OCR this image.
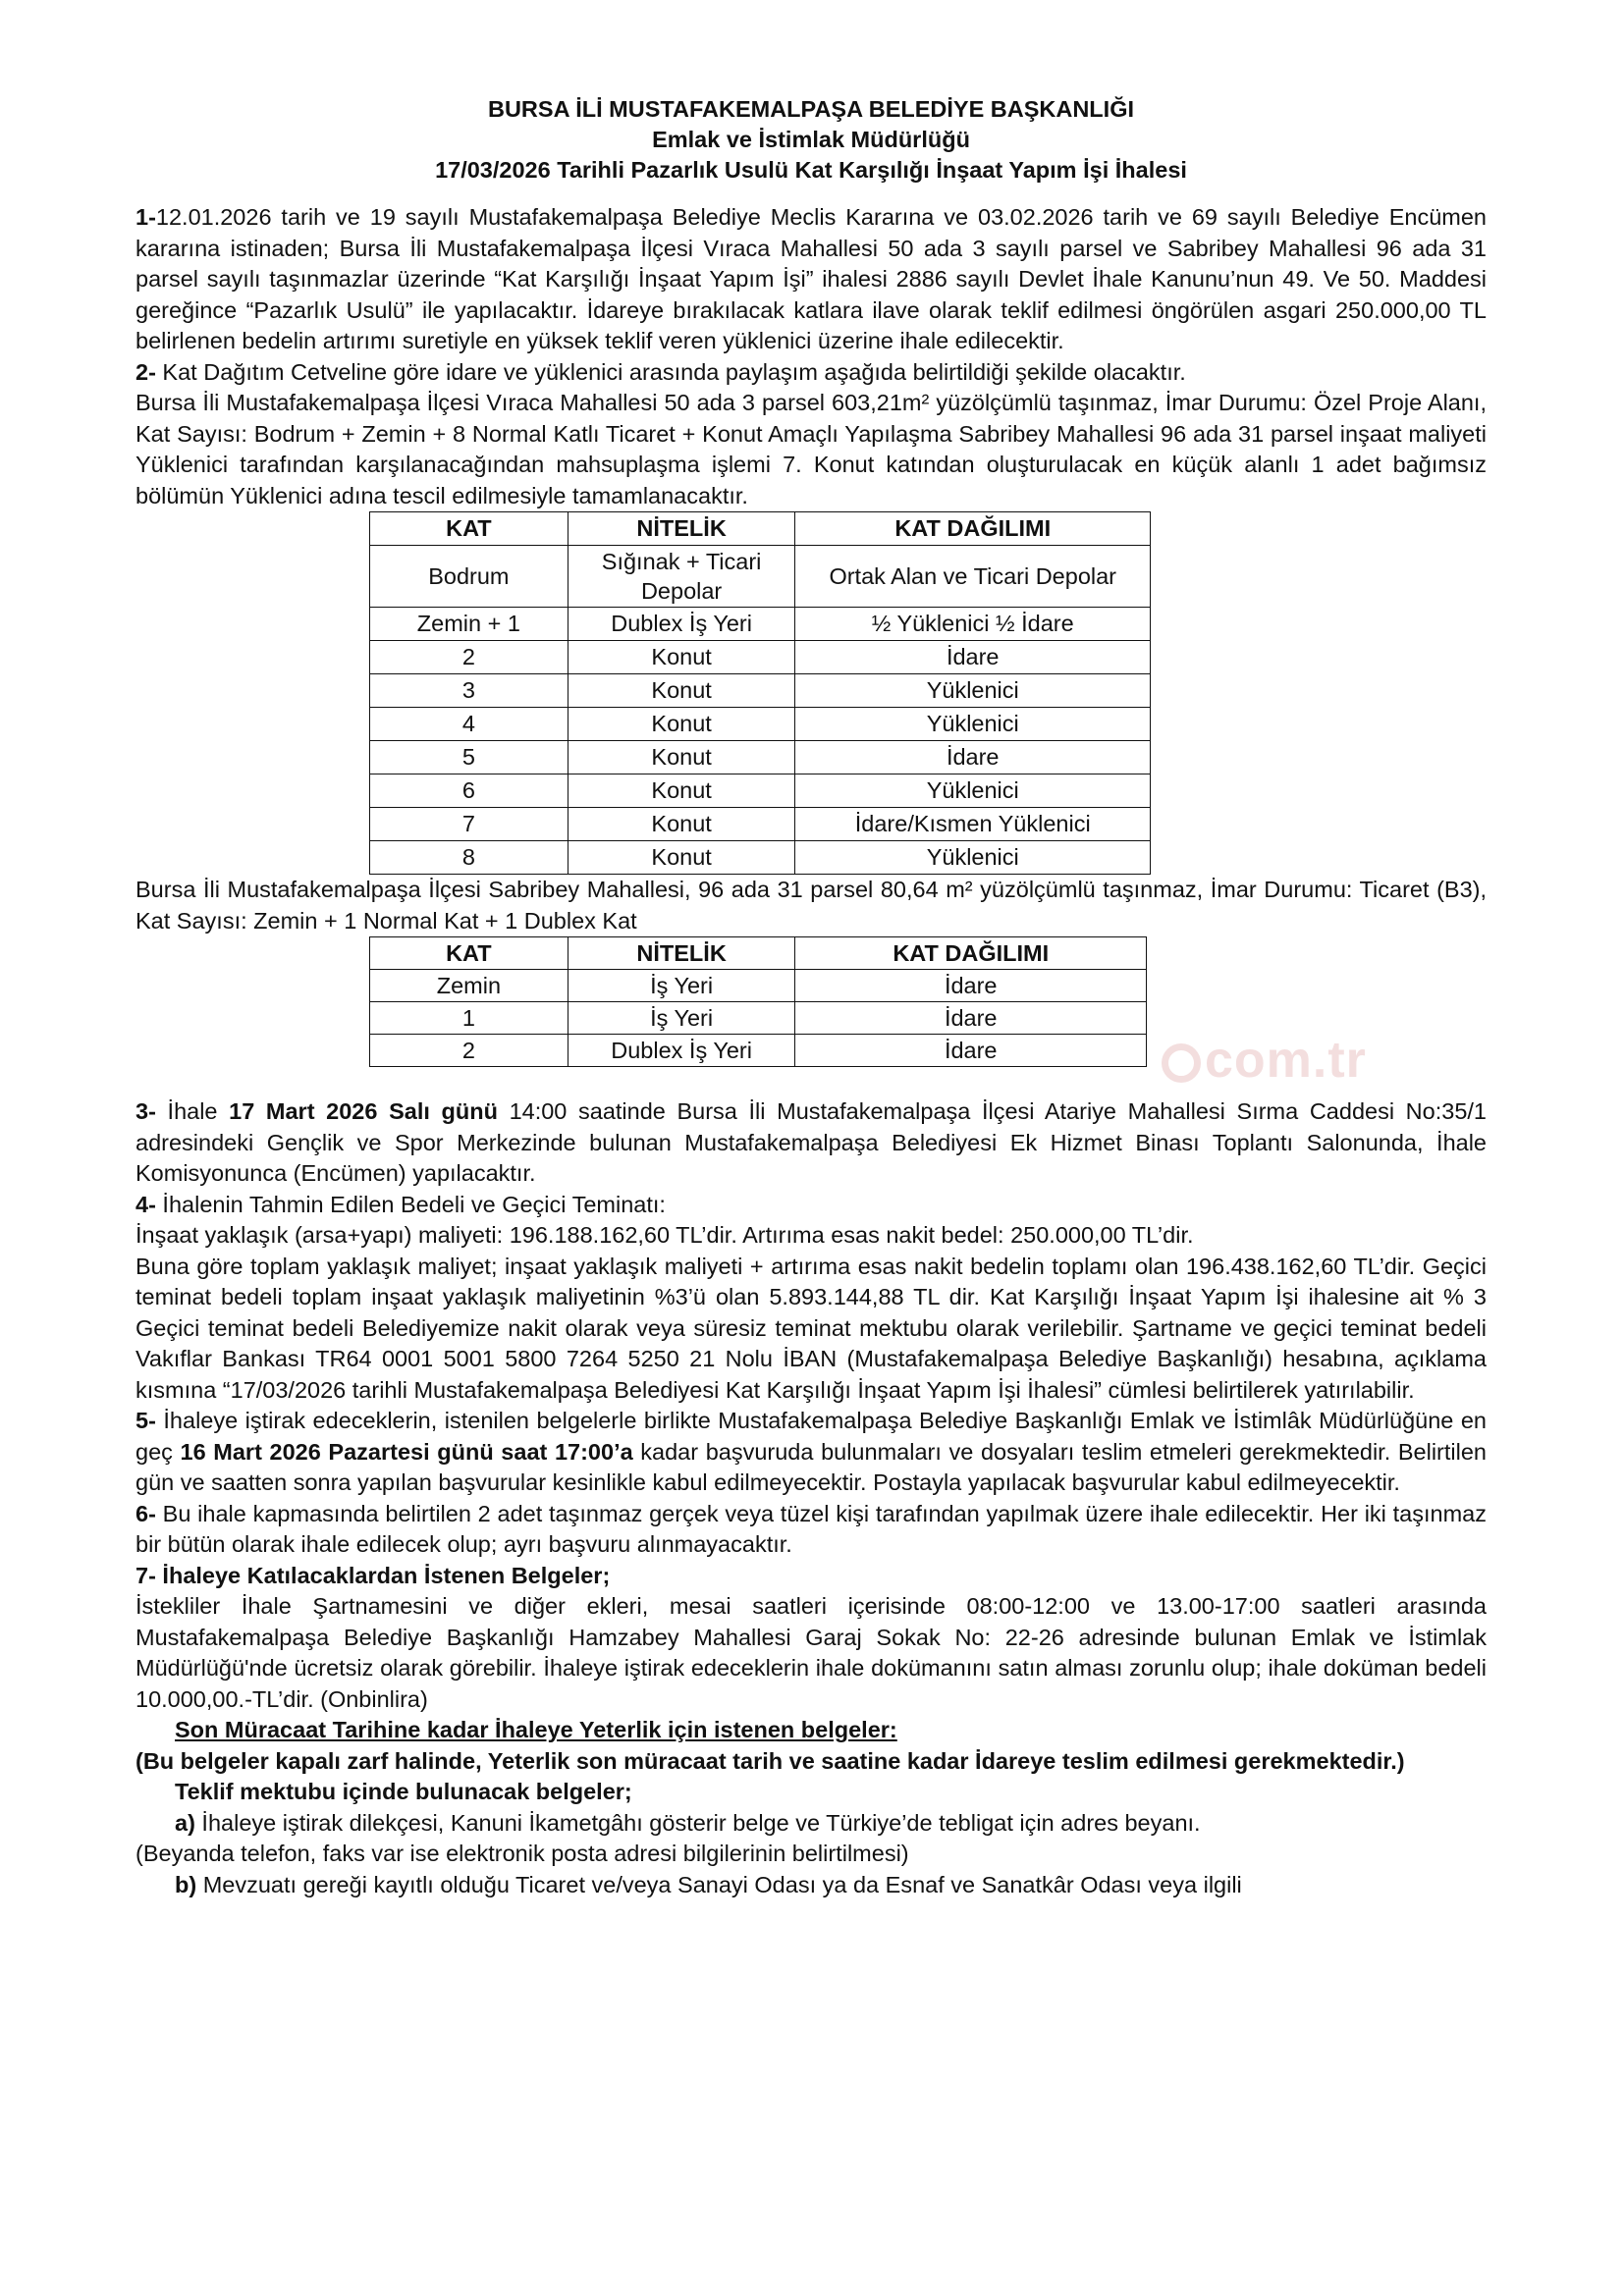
com.tr
BURSA İLİ MUSTAFAKEMALPAŞA BELEDİYE BAŞKANLIĞI
Emlak ve İstimlak Müdürlüğü
17/03/2026 Tarihli Pazarlık Usulü Kat Karşılığı İnşaat Yapım İşi İhalesi

1-12.01.2026 tarih ve 19 sayılı Mustafakemalpaşa Belediye Meclis Kararına ve 03.02.2026 tarih ve 69 sayılı Belediye Encümen kararına istinaden; Bursa İli Mustafakemalpaşa İlçesi Vıraca Mahallesi 50 ada 3 sayılı parsel ve Sabribey Mahallesi 96 ada 31 parsel sayılı taşınmazlar üzerinde “Kat Karşılığı İnşaat Yapım İşi” ihalesi 2886 sayılı Devlet İhale Kanunu’nun 49. Ve 50. Maddesi gereğince “Pazarlık Usulü” ile yapılacaktır. İdareye bırakılacak katlara ilave olarak teklif edilmesi öngörülen asgari 250.000,00 TL belirlenen bedelin artırımı suretiyle en yüksek teklif veren yüklenici üzerine ihale edilecektir.

2- Kat Dağıtım Cetveline göre idare ve yüklenici arasında paylaşım aşağıda belirtildiği şekilde olacaktır.

Bursa İli Mustafakemalpaşa İlçesi Vıraca Mahallesi 50 ada 3 parsel 603,21m² yüzölçümlü taşınmaz, İmar Durumu: Özel Proje Alanı, Kat Sayısı: Bodrum + Zemin + 8 Normal Katlı Ticaret + Konut Amaçlı Yapılaşma Sabribey Mahallesi 96 ada 31 parsel inşaat maliyeti Yüklenici tarafından karşılanacağından mahsuplaşma işlemi 7. Konut katından oluşturulacak en küçük alanlı 1 adet bağımsız bölümün Yüklenici adına tescil edilmesiyle tamamlanacaktır.

KAT	NİTELİK	KAT DAĞILIMI
Bodrum	Sığınak + Ticari Depolar	Ortak Alan ve Ticari Depolar
Zemin + 1	Dublex İş Yeri	½ Yüklenici ½ İdare
2	Konut	İdare
3	Konut	Yüklenici
4	Konut	Yüklenici
5	Konut	İdare
6	Konut	Yüklenici
7	Konut	İdare/Kısmen Yüklenici
8	Konut	Yüklenici

Bursa İli Mustafakemalpaşa İlçesi Sabribey Mahallesi, 96 ada 31 parsel 80,64 m² yüzölçümlü taşınmaz, İmar Durumu: Ticaret (B3), Kat Sayısı: Zemin + 1 Normal Kat + 1 Dublex Kat

KAT	NİTELİK	KAT DAĞILIMI
Zemin	İş Yeri	İdare
1	İş Yeri	İdare
2	Dublex İş Yeri	İdare

3- İhale 17 Mart 2026 Salı günü 14:00 saatinde Bursa İli Mustafakemalpaşa İlçesi Atariye Mahallesi Sırma Caddesi No:35/1 adresindeki Gençlik ve Spor Merkezinde bulunan Mustafakemalpaşa Belediyesi Ek Hizmet Binası Toplantı Salonunda, İhale Komisyonunca (Encümen) yapılacaktır.

4- İhalenin Tahmin Edilen Bedeli ve Geçici Teminatı:

İnşaat yaklaşık (arsa+yapı) maliyeti: 196.188.162,60 TL’dir. Artırıma esas nakit bedel: 250.000,00 TL’dir.

Buna göre toplam yaklaşık maliyet; inşaat yaklaşık maliyeti + artırıma esas nakit bedelin toplamı olan 196.438.162,60 TL’dir. Geçici teminat bedeli toplam inşaat yaklaşık maliyetinin %3’ü olan 5.893.144,88 TL dir. Kat Karşılığı İnşaat Yapım İşi ihalesine ait % 3 Geçici teminat bedeli Belediyemize nakit olarak veya süresiz teminat mektubu olarak verilebilir. Şartname ve geçici teminat bedeli Vakıflar Bankası TR64 0001 5001 5800 7264 5250 21 Nolu İBAN (Mustafakemalpaşa Belediye Başkanlığı) hesabına, açıklama kısmına “17/03/2026 tarihli Mustafakemalpaşa Belediyesi Kat Karşılığı İnşaat Yapım İşi İhalesi” cümlesi belirtilerek yatırılabilir.

5- İhaleye iştirak edeceklerin, istenilen belgelerle birlikte Mustafakemalpaşa Belediye Başkanlığı Emlak ve İstimlâk Müdürlüğüne en geç 16 Mart 2026 Pazartesi günü saat 17:00’a kadar başvuruda bulunmaları ve dosyaları teslim etmeleri gerekmektedir. Belirtilen gün ve saatten sonra yapılan başvurular kesinlikle kabul edilmeyecektir. Postayla yapılacak başvurular kabul edilmeyecektir.

6- Bu ihale kapmasında belirtilen 2 adet taşınmaz gerçek veya tüzel kişi tarafından yapılmak üzere ihale edilecektir. Her iki taşınmaz bir bütün olarak ihale edilecek olup; ayrı başvuru alınmayacaktır.

7- İhaleye Katılacaklardan İstenen Belgeler;

İstekliler İhale Şartnamesini ve diğer ekleri, mesai saatleri içerisinde 08:00-12:00 ve 13.00-17:00 saatleri arasında Mustafakemalpaşa Belediye Başkanlığı Hamzabey Mahallesi Garaj Sokak No: 22-26 adresinde bulunan Emlak ve İstimlak Müdürlüğü'nde ücretsiz olarak görebilir. İhaleye iştirak edeceklerin ihale dokümanını satın alması zorunlu olup; ihale doküman bedeli 10.000,00.-TL’dir. (Onbinlira)

Son Müracaat Tarihine kadar İhaleye Yeterlik için istenen belgeler:

(Bu belgeler kapalı zarf halinde, Yeterlik son müracaat tarih ve saatine kadar İdareye teslim edilmesi gerekmektedir.)

Teklif mektubu içinde bulunacak belgeler;

a) İhaleye iştirak dilekçesi, Kanuni İkametgâhı gösterir belge ve Türkiye’de tebligat için adres beyanı.

(Beyanda telefon, faks var ise elektronik posta adresi bilgilerinin belirtilmesi)

b) Mevzuatı gereği kayıtlı olduğu Ticaret ve/veya Sanayi Odası ya da Esnaf ve Sanatkâr Odası veya ilgili
